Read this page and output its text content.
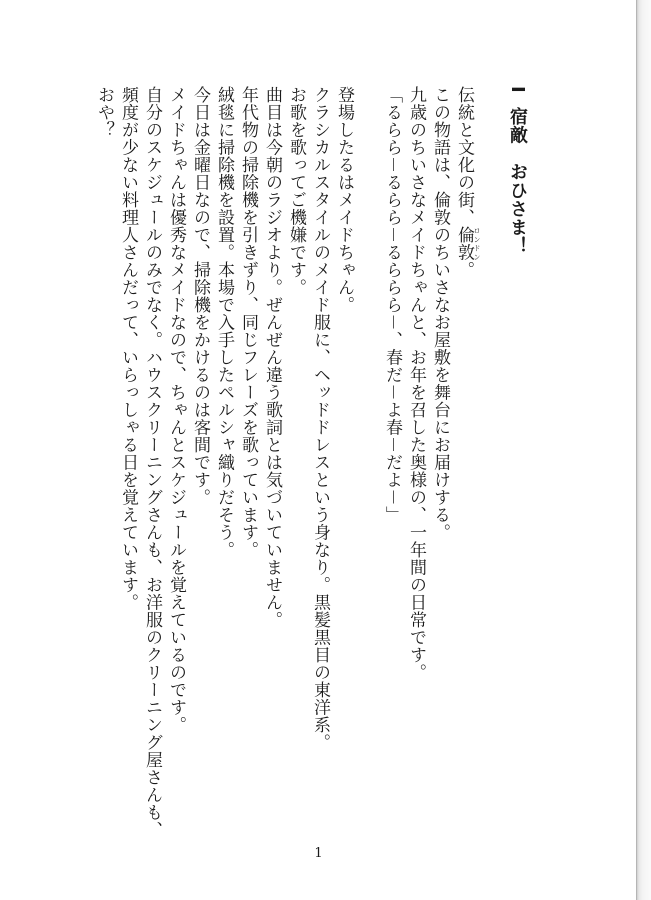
I宿敵　おひさま！
伝統と文化の街、倫敦 ロンドン。
この物語は、倫敦のちいさなお屋敷を舞台にお届けする。
九歳のちいさなメイドちゃんと、お年を召した奥様の、一年間の日常です。
「るらら－るらら－るららら－、春だ－よ春－だよ－」
登場したるはメイドちゃん。
クラシカルスタイルのメイド服に、ヘッドドレスという身なり。黒髪黒目の東洋系。
お歌を歌ってご機嫌です。
曲目は今朝のラジオより。ぜんぜん違う歌詞とは気づいていません。
年代物の掃除機を引きずり、同じフレーズを歌っています。
絨毯に掃除機を設置。本場で入手したペルシャ織りだそう。
今日は金曜日なので、掃除機をかけるのは客間です。
メイドちゃんは優秀なメイドなので、ちゃんとスケジュールを覚えているのです。
自分のスケジュールのみでなく。ハウスクリーニングさんも、お洋服のクリーニング屋さんも、
頻度が少ない料理人さんだって、いらっしゃる日を覚えています。
おや？
1
